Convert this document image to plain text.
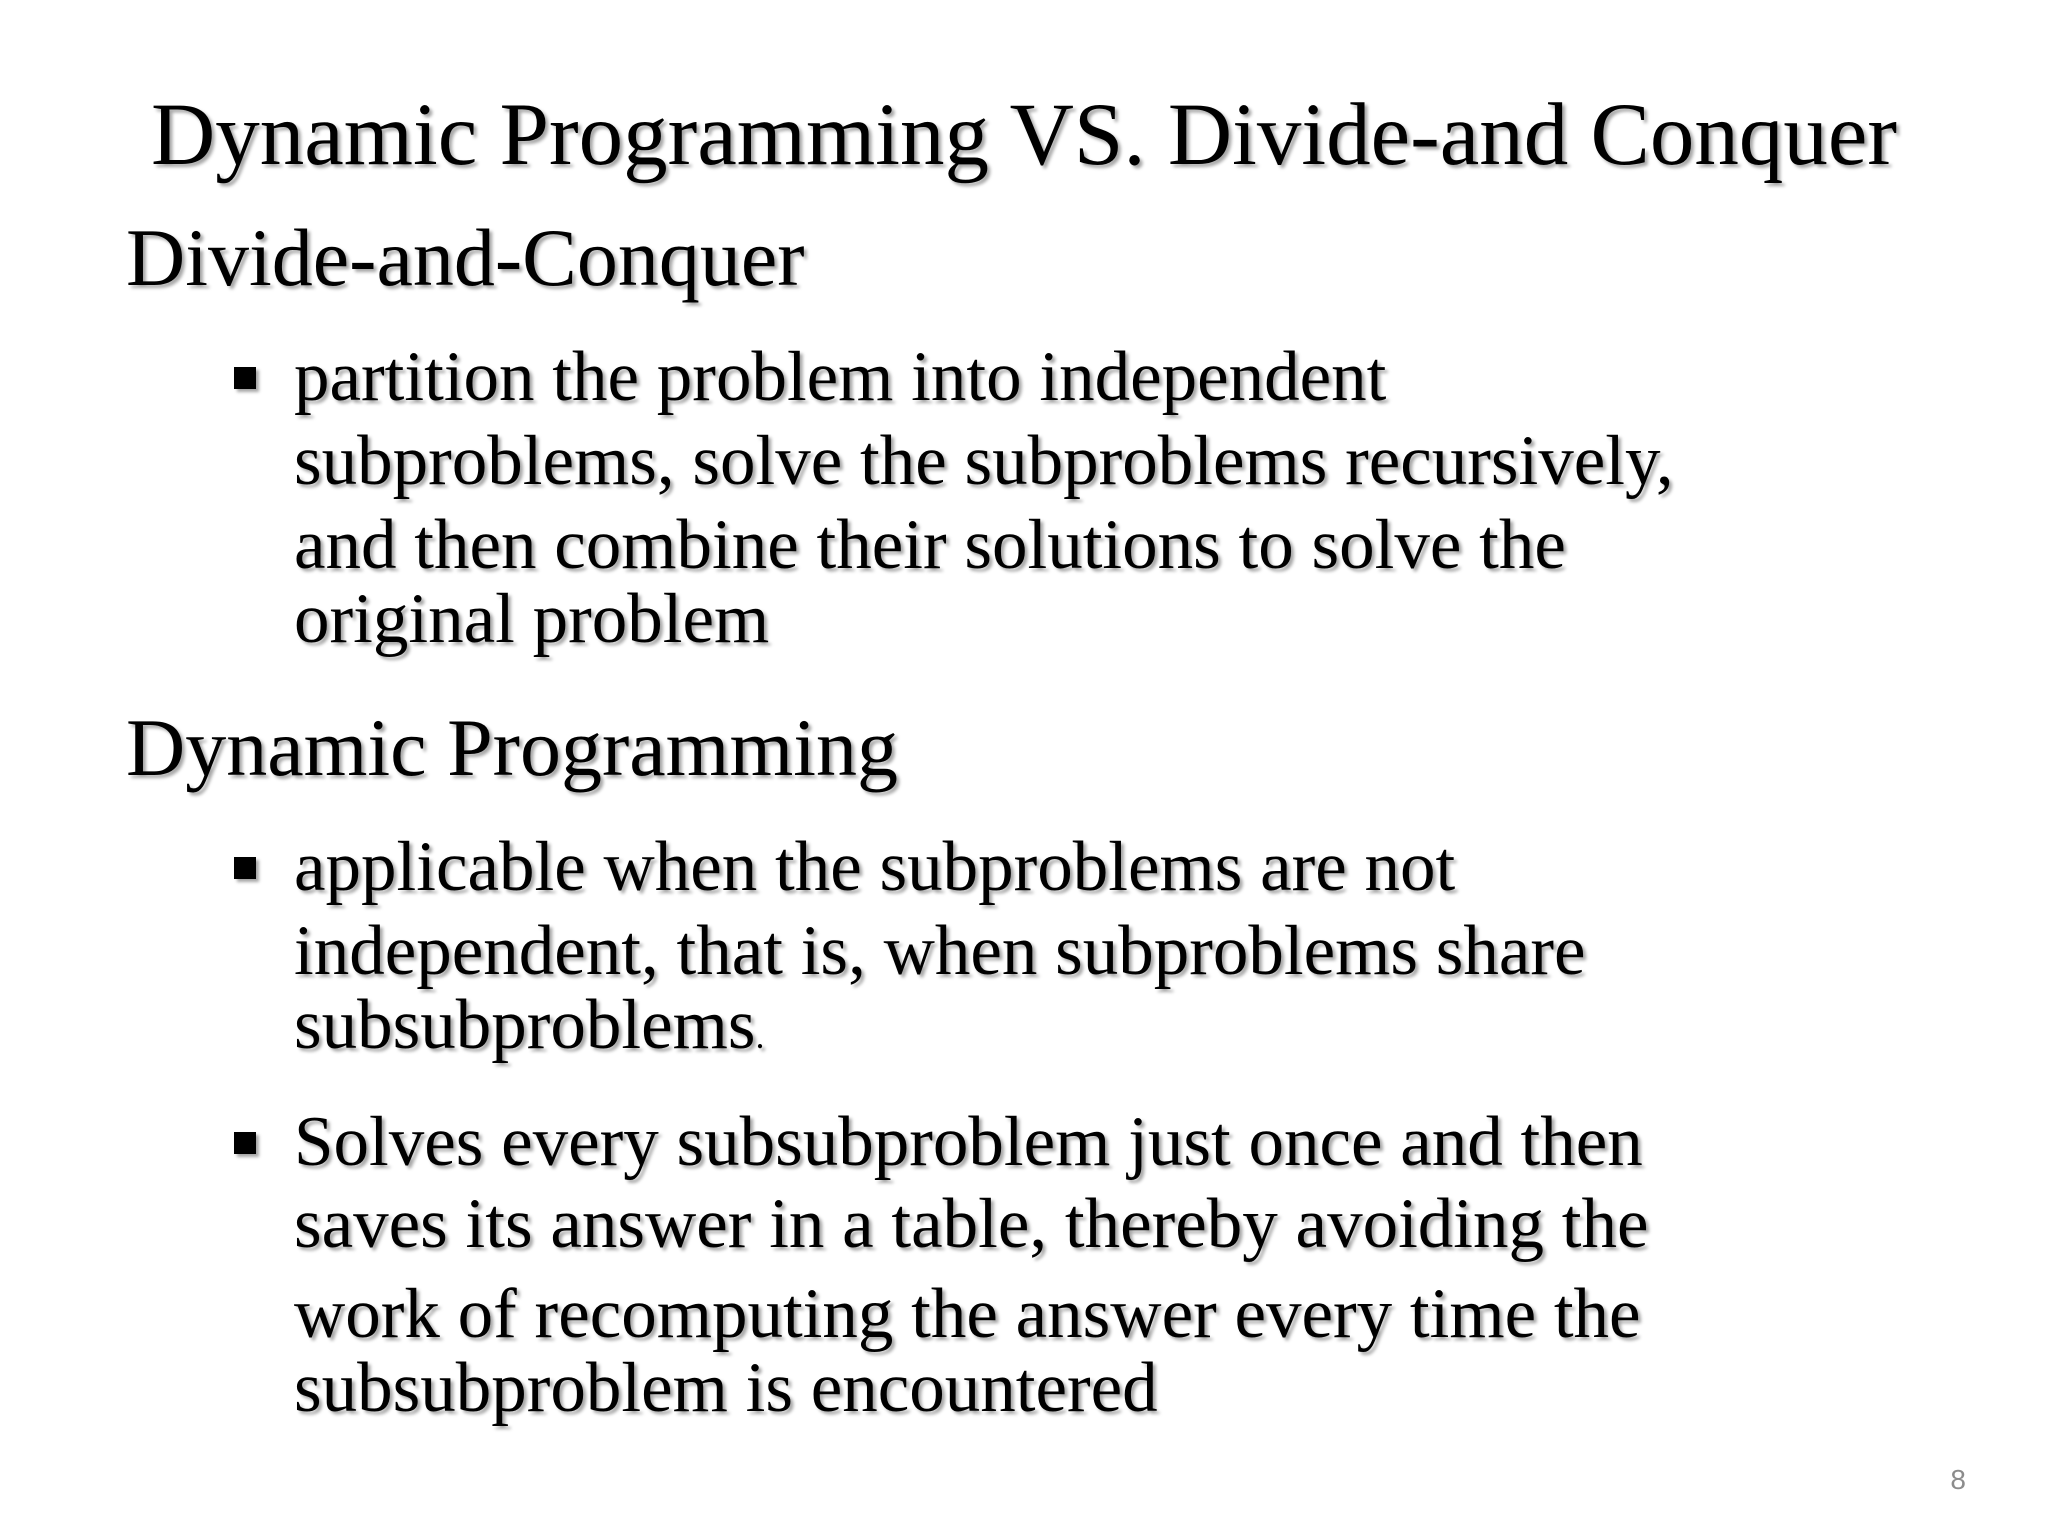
Dynamic Programming VS. Divide-and Conquer
Divide-and-Conquer
partition the problem into independent
subproblems, solve the subproblems recursively,
and then combine their solutions to solve the
original problem
Dynamic Programming
applicable when the subproblems are not
independent, that is, when subproblems share
subsubproblems.
Solves every subsubproblem just once and then
saves its answer in a table, thereby avoiding the
work of recomputing the answer every time the
subsubproblem is encountered
8
